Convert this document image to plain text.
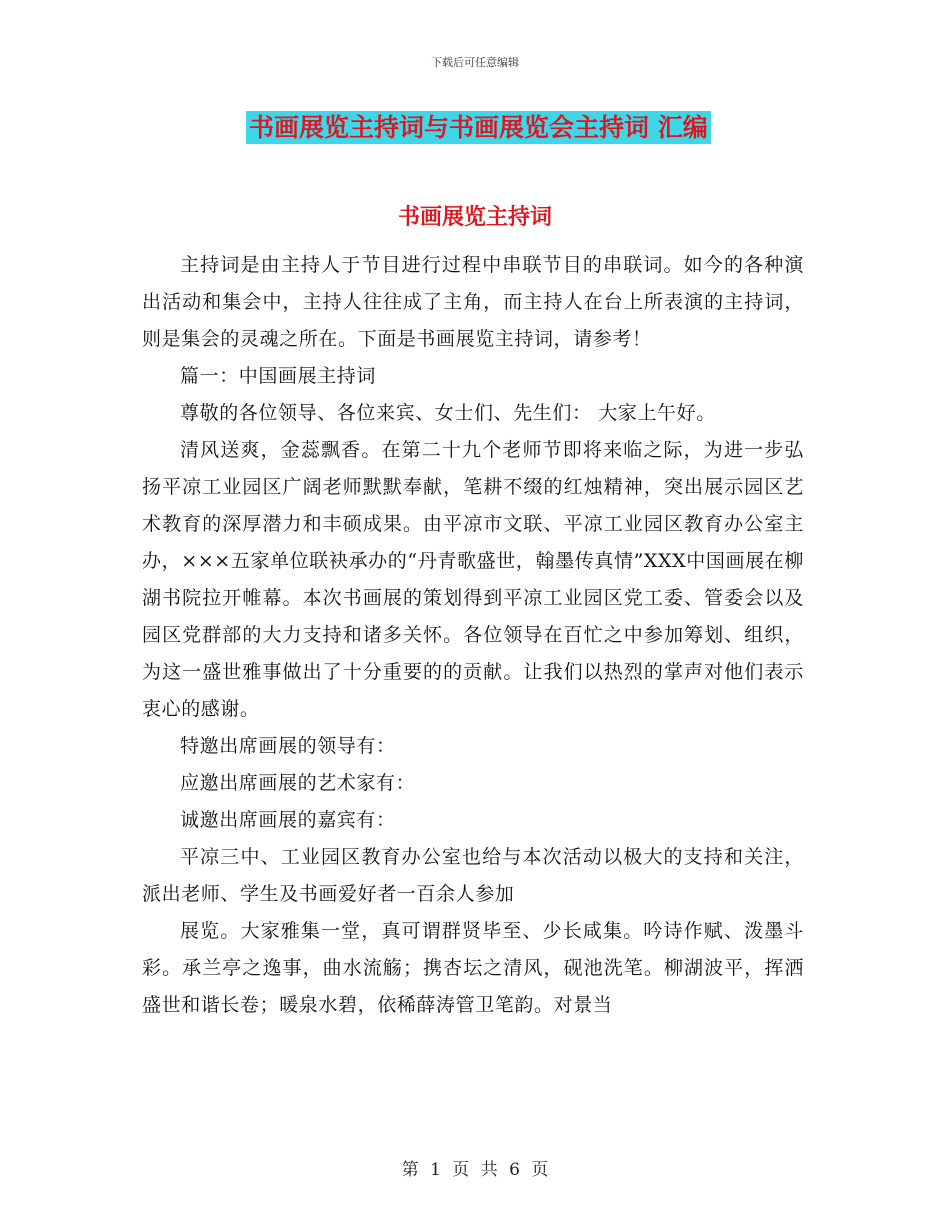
下载后可任意编辑
书画展览主持词与书画展览会主持词 汇编
书画展览主持词

主持词是由主持人于节目进行过程中串联节目的串联词。如今的各种演出活动和集会中，主持人往往成了主角，而主持人在台上所表演的主持词，则是集会的灵魂之所在。下面是书画展览主持词，请参考！

篇一：中国画展主持词

尊敬的各位领导、各位来宾、女士们、先生们： 大家上午好。

清风送爽，金蕊飘香。在第二十九个老师节即将来临之际，为进一步弘扬平凉工业园区广阔老师默默奉献，笔耕不缀的红烛精神，突出展示园区艺术教育的深厚潜力和丰硕成果。由平凉市文联、平凉工业园区教育办公室主办，×××五家单位联袂承办的“丹青歌盛世，翰墨传真情”XXX中国画展在柳湖书院拉开帷幕。本次书画展的策划得到平凉工业园区党工委、管委会以及园区党群部的大力支持和诸多关怀。各位领导在百忙之中参加筹划、组织，为这一盛世雅事做出了十分重要的的贡献。让我们以热烈的掌声对他们表示衷心的感谢。

特邀出席画展的领导有：

应邀出席画展的艺术家有：

诚邀出席画展的嘉宾有：

平凉三中、工业园区教育办公室也给与本次活动以极大的支持和关注，派出老师、学生及书画爱好者一百余人参加

展览。大家雅集一堂，真可谓群贤毕至、少长咸集。吟诗作赋、泼墨斗彩。承兰亭之逸事，曲水流觞；携杏坛之清风，砚池洗笔。柳湖波平，挥洒盛世和谐长卷；暖泉水碧，依稀薛涛管卫笔韵。对景当

第 1 页 共 6 页
